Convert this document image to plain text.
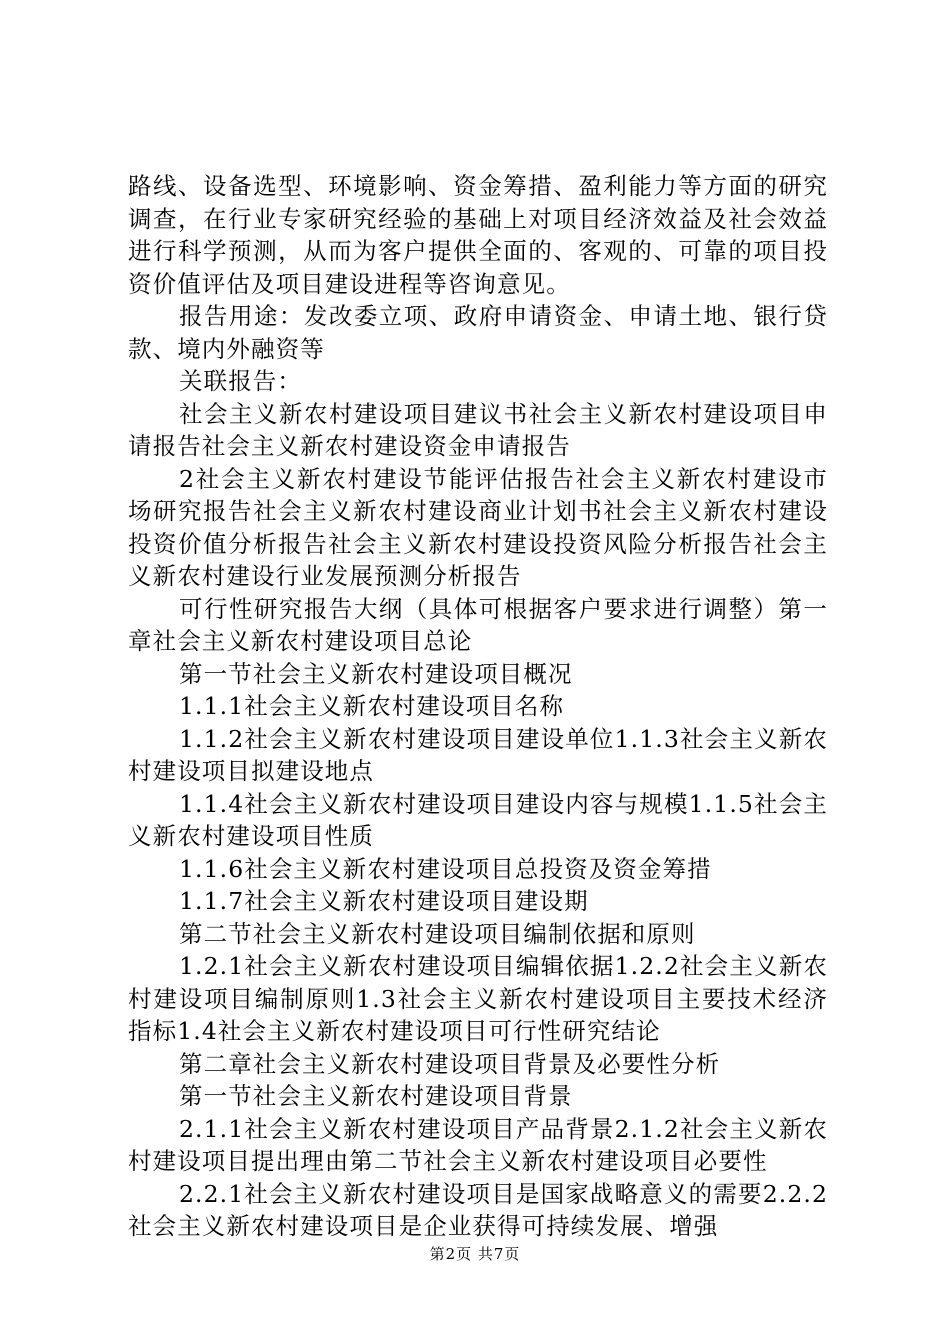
路线、设备选型、环境影响、资金筹措、盈利能力等方面的研究调查，在行业专家研究经验的基础上对项目经济效益及社会效益进行科学预测，从而为客户提供全面的、客观的、可靠的项目投资价值评估及项目建设进程等咨询意见。

报告用途：发改委立项、政府申请资金、申请土地、银行贷款、境内外融资等

关联报告：

社会主义新农村建设项目建议书社会主义新农村建设项目申请报告社会主义新农村建设资金申请报告

2社会主义新农村建设节能评估报告社会主义新农村建设市场研究报告社会主义新农村建设商业计划书社会主义新农村建设投资价值分析报告社会主义新农村建设投资风险分析报告社会主义新农村建设行业发展预测分析报告

可行性研究报告大纲（具体可根据客户要求进行调整）第一章社会主义新农村建设项目总论

第一节社会主义新农村建设项目概况

1.1.1社会主义新农村建设项目名称

1.1.2社会主义新农村建设项目建设单位1.1.3社会主义新农村建设项目拟建设地点

1.1.4社会主义新农村建设项目建设内容与规模1.1.5社会主义新农村建设项目性质

1.1.6社会主义新农村建设项目总投资及资金筹措

1.1.7社会主义新农村建设项目建设期

第二节社会主义新农村建设项目编制依据和原则

1.2.1社会主义新农村建设项目编辑依据1.2.2社会主义新农村建设项目编制原则1.3社会主义新农村建设项目主要技术经济指标1.4社会主义新农村建设项目可行性研究结论

第二章社会主义新农村建设项目背景及必要性分析

第一节社会主义新农村建设项目背景

2.1.1社会主义新农村建设项目产品背景2.1.2社会主义新农村建设项目提出理由第二节社会主义新农村建设项目必要性

2.2.1社会主义新农村建设项目是国家战略意义的需要2.2.2社会主义新农村建设项目是企业获得可持续发展、增强

第2页 共7页
